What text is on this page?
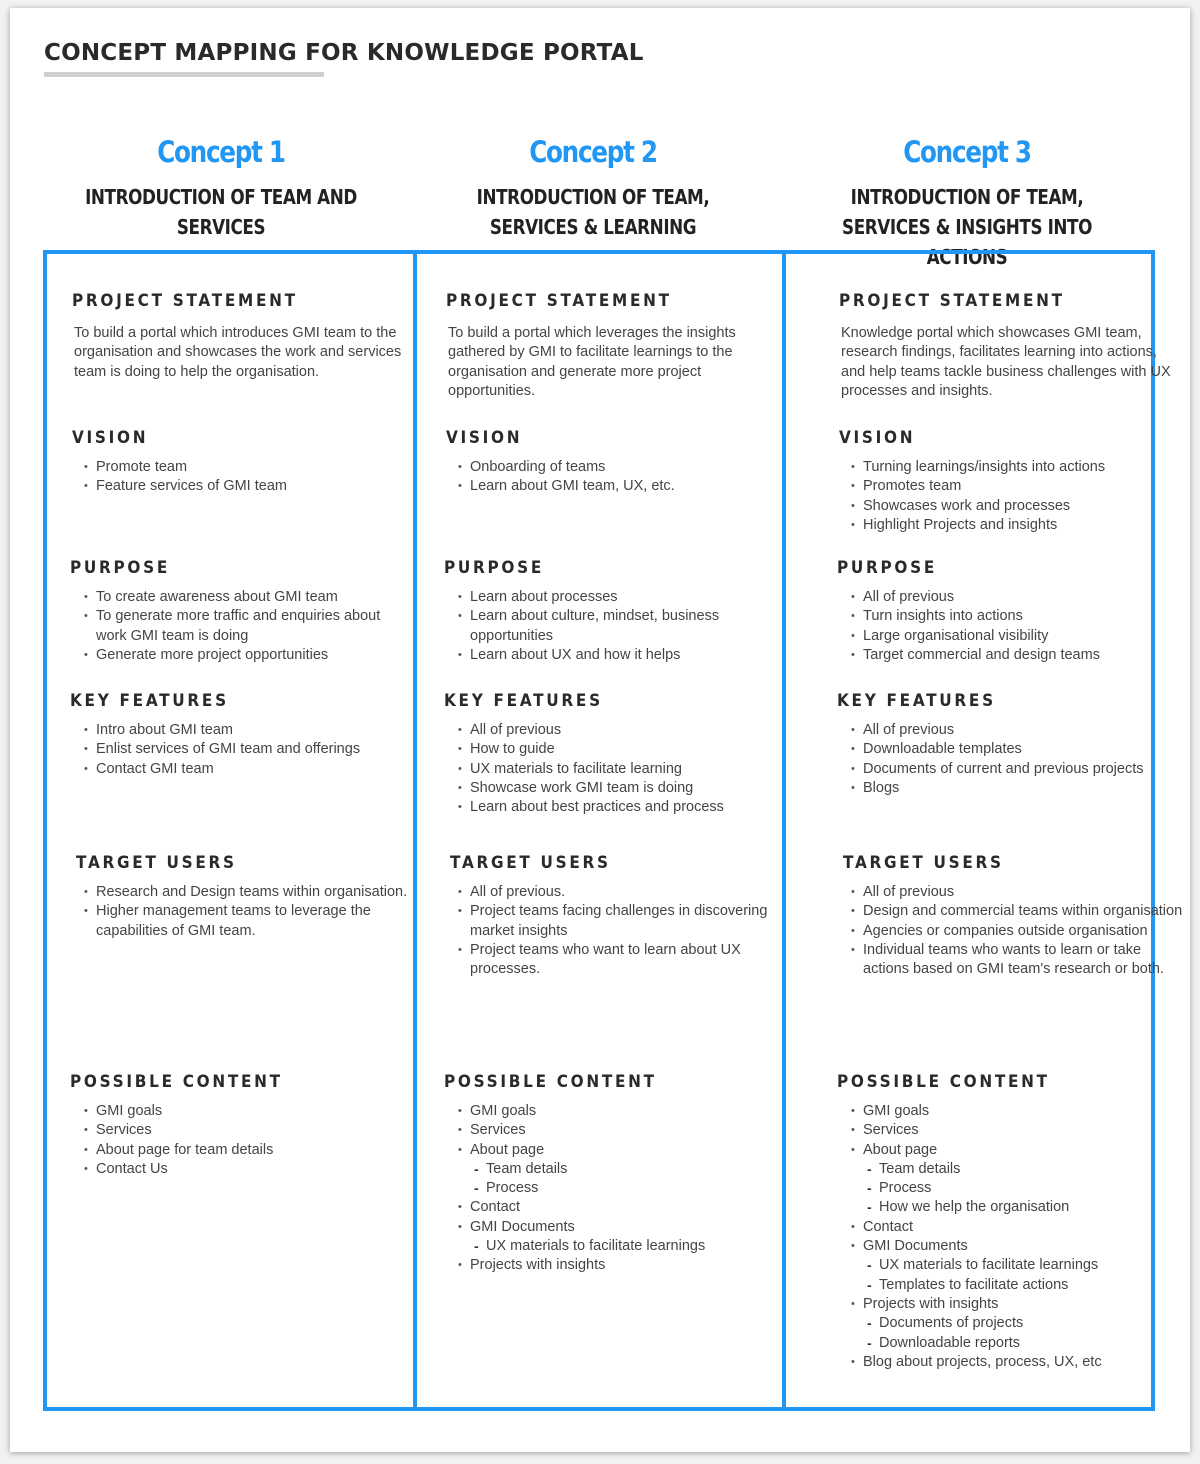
CONCEPT MAPPING FOR KNOWLEDGE PORTAL

Concept 1

INTRODUCTION OF TEAM AND SERVICES

Concept 2

INTRODUCTION OF TEAM, SERVICES & LEARNING

Concept 3

INTRODUCTION OF TEAM, SERVICES & INSIGHTS INTO ACTIONS

PROJECT STATEMENT

To build a portal which introduces GMI team to the organisation and showcases the work and services team is doing to help the organisation.

VISION
• Promote team
• Feature services of GMI team
PURPOSE
• To create awareness about GMI team
• To generate more traffic and enquiries about work GMI team is doing
• Generate more project opportunities
KEY FEATURES
• Intro about GMI team
• Enlist services of GMI team and offerings
• Contact GMI team
TARGET USERS
• Research and Design teams within organisation.
• Higher management teams to leverage the capabilities of GMI team.
POSSIBLE CONTENT
• GMI goals
• Services
• About page for team details
• Contact Us
PROJECT STATEMENT

To build a portal which leverages the insights gathered by GMI to facilitate learnings to the organisation and generate more project opportunities.

VISION
• Onboarding of teams
• Learn about GMI team, UX, etc.
PURPOSE
• Learn about processes
• Learn about culture, mindset, business opportunities
• Learn about UX and how it helps
KEY FEATURES
• All of previous
• How to guide
• UX materials to facilitate learning
• Showcase work GMI team is doing
• Learn about best practices and process
TARGET USERS
• All of previous.
• Project teams facing challenges in discovering market insights
• Project teams who want to learn about UX processes.
POSSIBLE CONTENT
• GMI goals
• Services
• About page
- Team details
- Process
• Contact
• GMI Documents
- UX materials to facilitate learnings
• Projects with insights
PROJECT STATEMENT

Knowledge portal which showcases GMI team, research findings, facilitates learning into actions, and help teams tackle business challenges with UX processes and insights.

VISION
• Turning learnings/insights into actions
• Promotes team
• Showcases work and processes
• Highlight Projects and insights
PURPOSE
• All of previous
• Turn insights into actions
• Large organisational visibility
• Target commercial and design teams
KEY FEATURES
• All of previous
• Downloadable templates
• Documents of current and previous projects
• Blogs
TARGET USERS
• All of previous
• Design and commercial teams within organisation
• Agencies or companies outside organisation
• Individual teams who wants to learn or take actions based on GMI team's research or both.
POSSIBLE CONTENT
• GMI goals
• Services
• About page
- Team details
- Process
- How we help the organisation
• Contact
• GMI Documents
- UX materials to facilitate learnings
- Templates to facilitate actions
• Projects with insights
- Documents of projects
- Downloadable reports
• Blog about projects, process, UX, etc
